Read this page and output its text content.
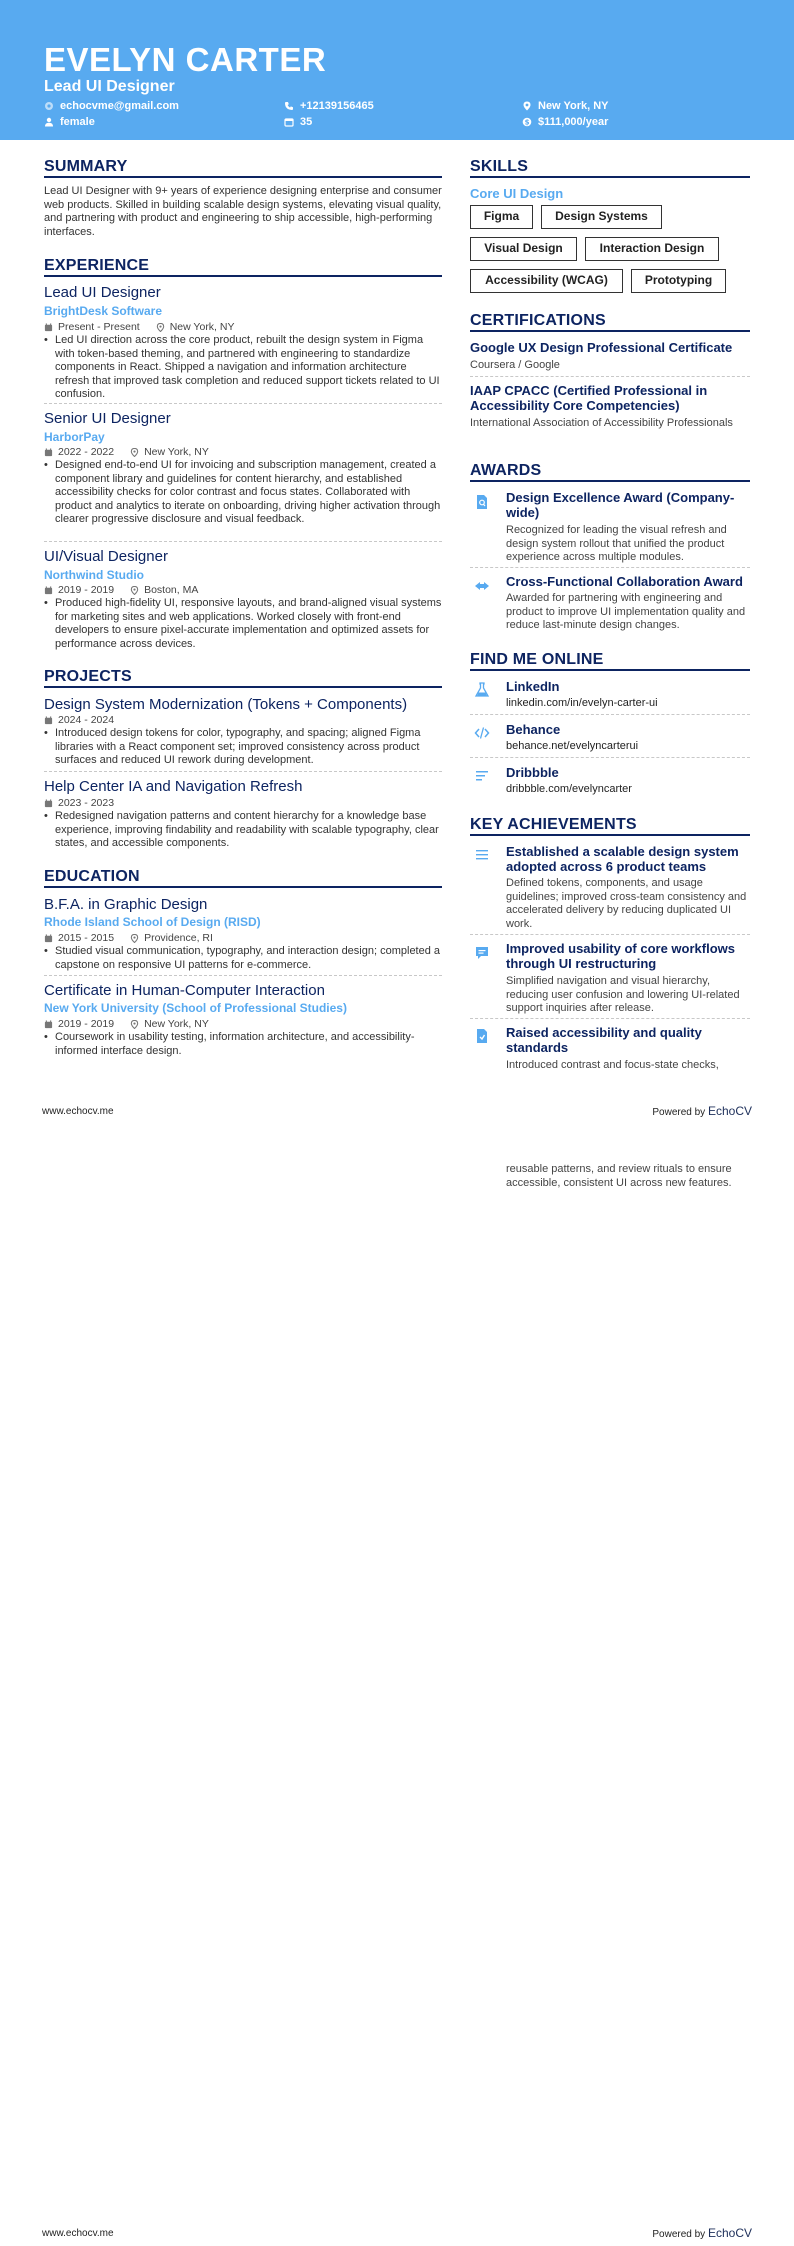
EVELYN CARTER
Lead UI Designer
echocvme@gmail.com	+12139156465	New York, NY
female	35	$ $111,000/year
SUMMARY
Lead UI Designer with 9+ years of experience designing enterprise and consumer web products. Skilled in building scalable design systems, elevating visual quality, and partnering with product and engineering to ship accessible, high-performing interfaces.
EXPERIENCE
Lead UI Designer
BrightDesk Software
Present - Present	New York, NY
• Led UI direction across the core product, rebuilt the design system in Figma with token-based theming, and partnered with engineering to standardize components in React. Shipped a navigation and information architecture refresh that improved task completion and reduced support tickets related to UI confusion.
Senior UI Designer
HarborPay
2022 - 2022	New York, NY
• Designed end-to-end UI for invoicing and subscription management, created a component library and guidelines for content hierarchy, and established accessibility checks for color contrast and focus states. Collaborated with product and analytics to iterate on onboarding, driving higher activation through clearer progressive disclosure and visual feedback.
UI/Visual Designer
Northwind Studio
2019 - 2019	Boston, MA
• Produced high-fidelity UI, responsive layouts, and brand-aligned visual systems for marketing sites and web applications. Worked closely with front-end developers to ensure pixel-accurate implementation and optimized assets for performance across devices.
PROJECTS
Design System Modernization (Tokens + Components)
2024 - 2024
• Introduced design tokens for color, typography, and spacing; aligned Figma libraries with a React component set; improved consistency across product surfaces and reduced UI rework during development.
Help Center IA and Navigation Refresh
2023 - 2023
• Redesigned navigation patterns and content hierarchy for a knowledge base experience, improving findability and readability with scalable typography, clear states, and accessible components.
EDUCATION
B.F.A. in Graphic Design
Rhode Island School of Design (RISD)
2015 - 2015	Providence, RI
• Studied visual communication, typography, and interaction design; completed a capstone on responsive UI patterns for e-commerce.
Certificate in Human-Computer Interaction
New York University (School of Professional Studies)
2019 - 2019	New York, NY
• Coursework in usability testing, information architecture, and accessibility-informed interface design.
SKILLS
Core UI Design
Figma	Design Systems
Visual Design	Interaction Design
Accessibility (WCAG)	Prototyping
CERTIFICATIONS
Google UX Design Professional Certificate
Coursera / Google
IAAP CPACC (Certified Professional in Accessibility Core Competencies)
International Association of Accessibility Professionals
AWARDS
Design Excellence Award (Company-wide)
Recognized for leading the visual refresh and design system rollout that unified the product experience across multiple modules.
Cross-Functional Collaboration Award
Awarded for partnering with engineering and product to improve UI implementation quality and reduce last-minute design changes.
FIND ME ONLINE
LinkedIn
linkedin.com/in/evelyn-carter-ui
Behance
behance.net/evelyncarterui
Dribbble
dribbble.com/evelyncarter
KEY ACHIEVEMENTS
Established a scalable design system adopted across 6 product teams
Defined tokens, components, and usage guidelines; improved cross-team consistency and accelerated delivery by reducing duplicated UI work.
Improved usability of core workflows through UI restructuring
Simplified navigation and visual hierarchy, reducing user confusion and lowering UI-related support inquiries after release.
Raised accessibility and quality standards
Introduced contrast and focus-state checks,
www.echocv.me	Powered by EchoCV
reusable patterns, and review rituals to ensure accessible, consistent UI across new features.
www.echocv.me	Powered by EchoCV
